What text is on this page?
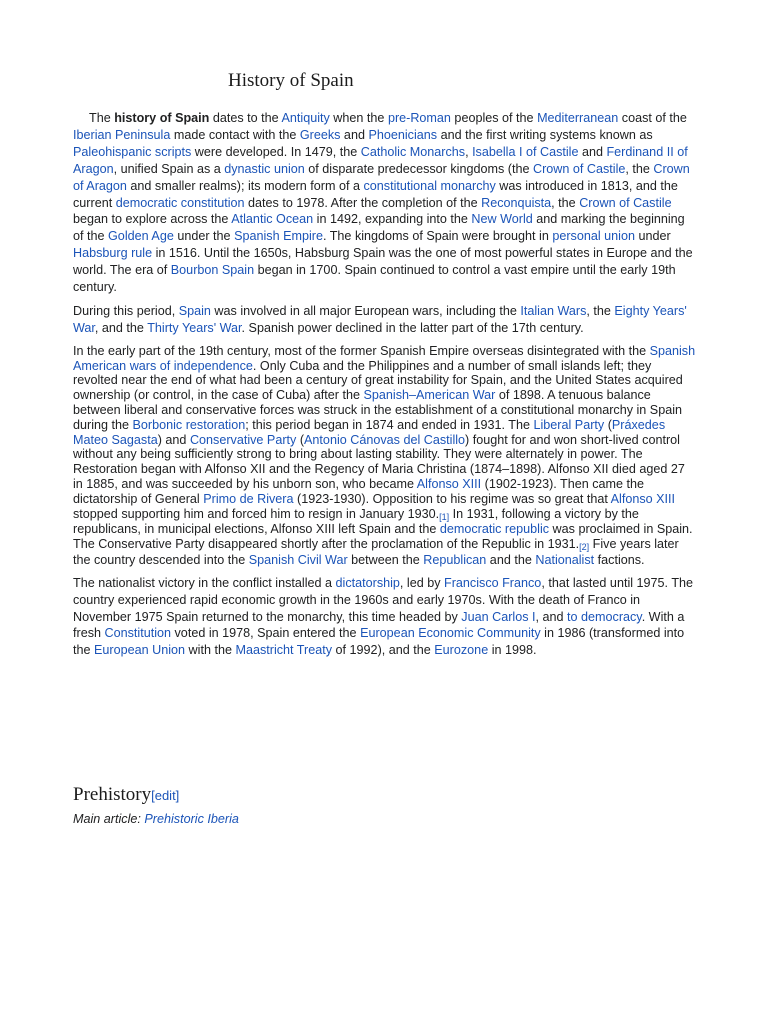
History of Spain

The history of Spain dates to the Antiquity when the pre-Roman peoples of the Mediterranean coast of the Iberian Peninsula made contact with the Greeks and Phoenicians and the first writing systems known as Paleohispanic scripts were developed. In 1479, the Catholic Monarchs, Isabella I of Castile and Ferdinand II of Aragon, unified Spain as a dynastic union of disparate predecessor kingdoms (the Crown of Castile, the Crown of Aragon and smaller realms); its modern form of a constitutional monarchy was introduced in 1813, and the current democratic constitution dates to 1978. After the completion of the Reconquista, the Crown of Castile began to explore across the Atlantic Ocean in 1492, expanding into the New World and marking the beginning of the Golden Age under the Spanish Empire. The kingdoms of Spain were brought in personal union under Habsburg rule in 1516. Until the 1650s, Habsburg Spain was the one of most powerful states in Europe and the world. The era of Bourbon Spain began in 1700. Spain continued to control a vast empire until the early 19th century.

During this period, Spain was involved in all major European wars, including the Italian Wars, the Eighty Years' War, and the Thirty Years' War. Spanish power declined in the latter part of the 17th century.

In the early part of the 19th century, most of the former Spanish Empire overseas disintegrated with the Spanish American wars of independence. Only Cuba and the Philippines and a number of small islands left; they revolted near the end of what had been a century of great instability for Spain, and the United States acquired ownership (or control, in the case of Cuba) after the Spanish–American War of 1898. A tenuous balance between liberal and conservative forces was struck in the establishment of a constitutional monarchy in Spain during the Borbonic restoration; this period began in 1874 and ended in 1931. The Liberal Party (Práxedes Mateo Sagasta) and Conservative Party (Antonio Cánovas del Castillo) fought for and won short-lived control without any being sufficiently strong to bring about lasting stability. They were alternately in power. The Restoration began with Alfonso XII and the Regency of Maria Christina (1874–1898). Alfonso XII died aged 27 in 1885, and was succeeded by his unborn son, who became Alfonso XIII (1902-1923). Then came the dictatorship of General Primo de Rivera (1923-1930). Opposition to his regime was so great that Alfonso XIII stopped supporting him and forced him to resign in January 1930.[1] In 1931, following a victory by the republicans, in municipal elections, Alfonso XIII left Spain and the democratic republic was proclaimed in Spain. The Conservative Party disappeared shortly after the proclamation of the Republic in 1931.[2] Five years later the country descended into the Spanish Civil War between the Republican and the Nationalist factions.

The nationalist victory in the conflict installed a dictatorship, led by Francisco Franco, that lasted until 1975. The country experienced rapid economic growth in the 1960s and early 1970s. With the death of Franco in November 1975 Spain returned to the monarchy, this time headed by Juan Carlos I, and to democracy. With a fresh Constitution voted in 1978, Spain entered the European Economic Community in 1986 (transformed into the European Union with the Maastricht Treaty of 1992), and the Eurozone in 1998.

Prehistory[edit]
Main article: Prehistoric Iberia
